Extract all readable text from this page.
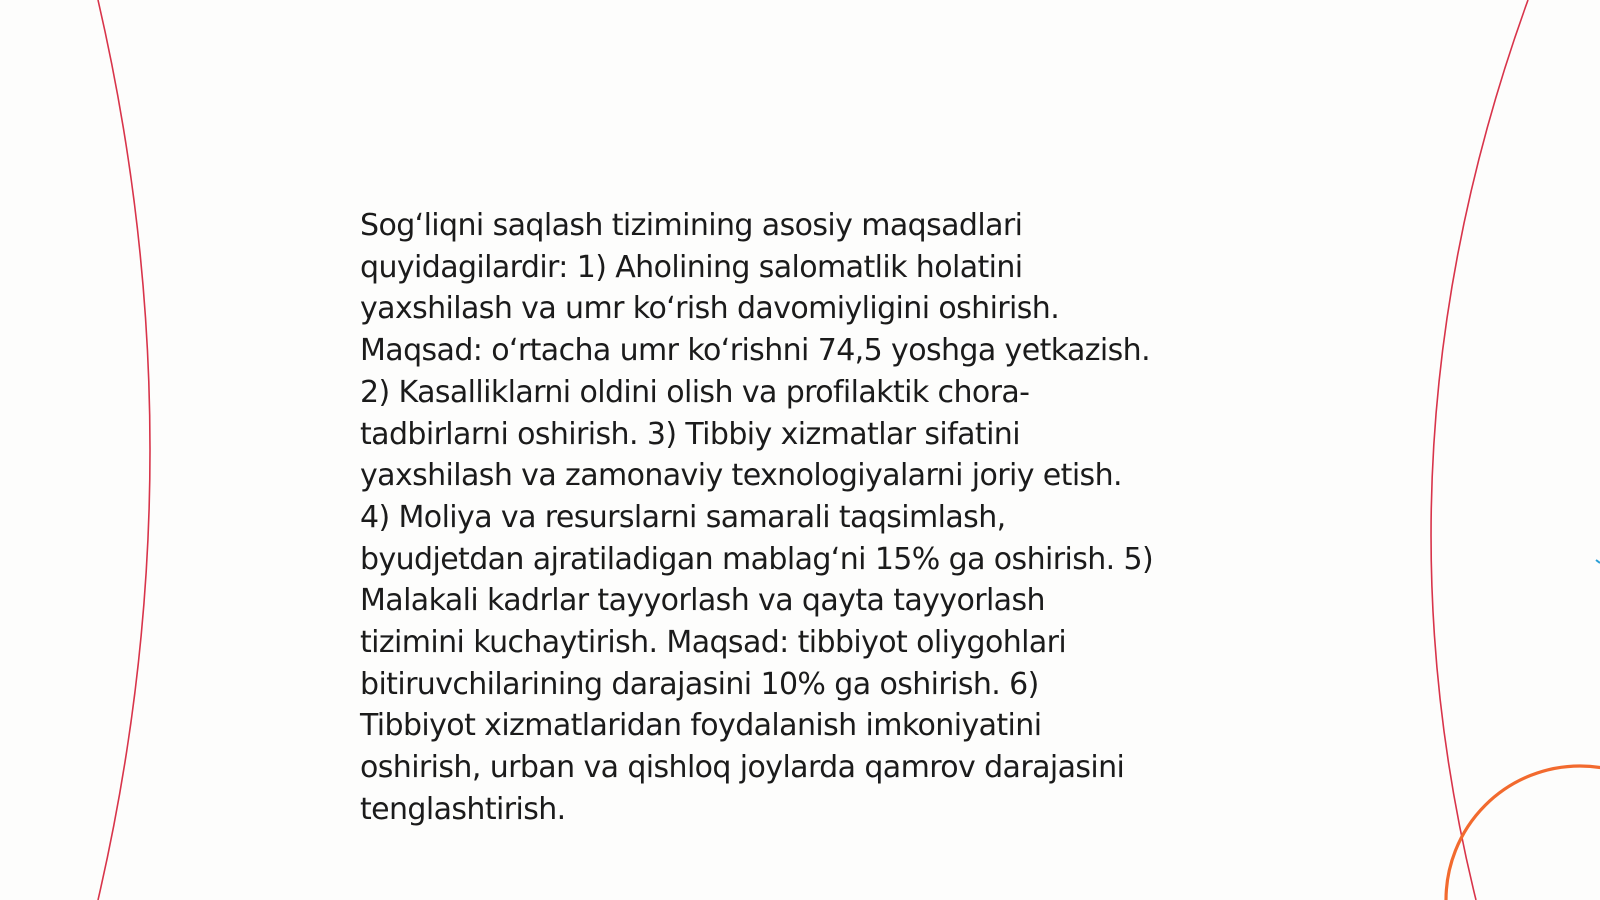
Sog‘liqni saqlash tizimining asosiy maqsadlari
quyidagilardir: 1) Aholining salomatlik holatini
yaxshilash va umr ko‘rish davomiyligini oshirish.
Maqsad: o‘rtacha umr ko‘rishni 74,5 yoshga yetkazish.
2) Kasalliklarni oldini olish va profilaktik chora-
tadbirlarni oshirish. 3) Tibbiy xizmatlar sifatini
yaxshilash va zamonaviy texnologiyalarni joriy etish.
4) Moliya va resurslarni samarali taqsimlash,
byudjetdan ajratiladigan mablag‘ni 15% ga oshirish. 5)
Malakali kadrlar tayyorlash va qayta tayyorlash
tizimini kuchaytirish. Maqsad: tibbiyot oliygohlari
bitiruvchilarining darajasini 10% ga oshirish. 6)
Tibbiyot xizmatlaridan foydalanish imkoniyatini
oshirish, urban va qishloq joylarda qamrov darajasini
tenglashtirish.
